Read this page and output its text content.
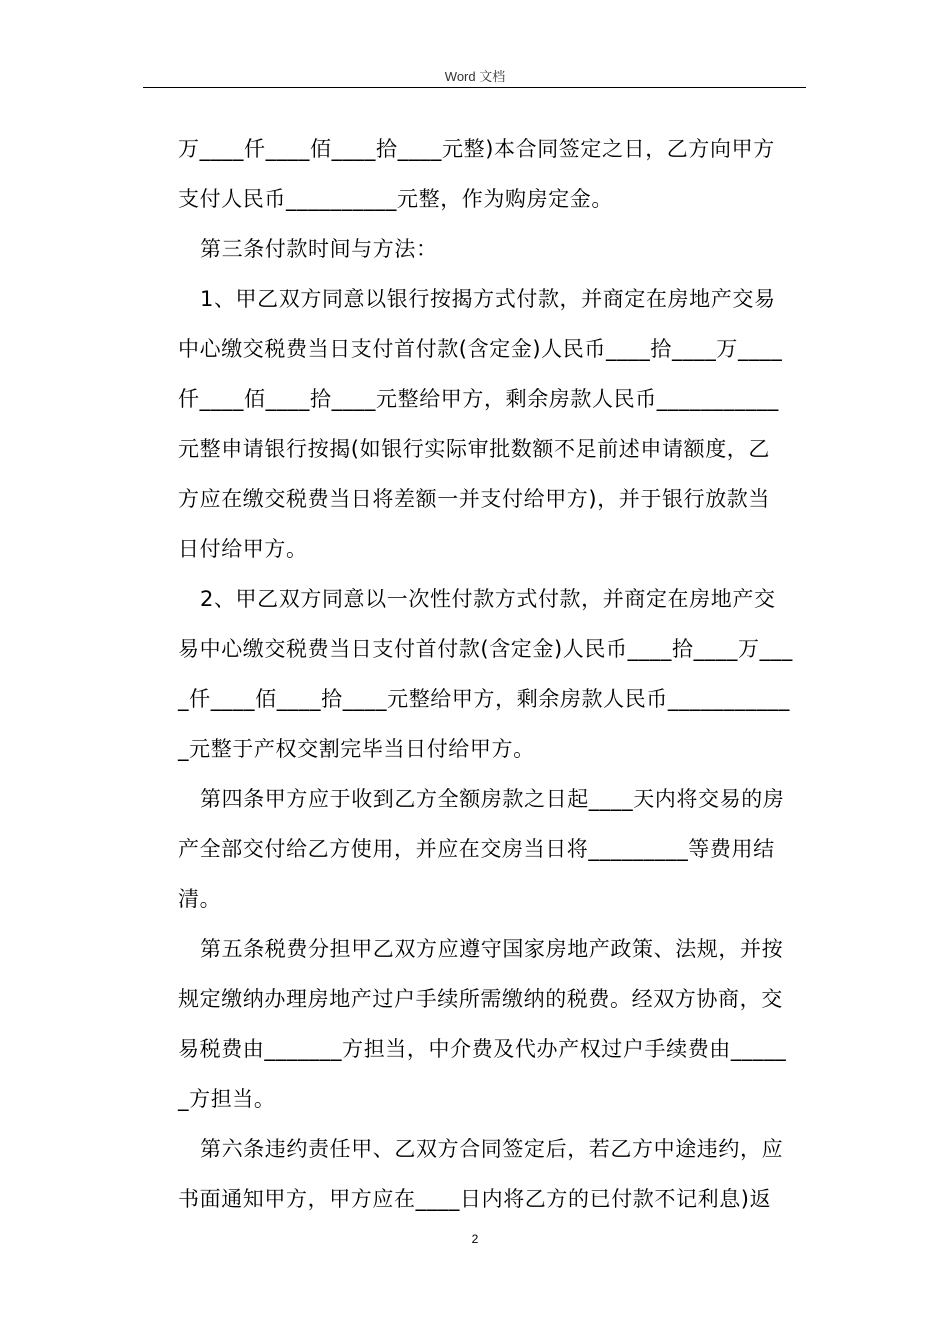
Word 文档
万____仟____佰____拾____元整)本合同签定之日，乙方向甲方
支付人民币__________元整，作为购房定金。
第三条付款时间与方法：
1、甲乙双方同意以银行按揭方式付款，并商定在房地产交易
中心缴交税费当日支付首付款(含定金)人民币____拾____万____
仟____佰____拾____元整给甲方，剩余房款人民币___________
元整申请银行按揭(如银行实际审批数额不足前述申请额度，乙
方应在缴交税费当日将差额一并支付给甲方)，并于银行放款当
日付给甲方。
2、甲乙双方同意以一次性付款方式付款，并商定在房地产交
易中心缴交税费当日支付首付款(含定金)人民币____拾____万___
_仟____佰____拾____元整给甲方，剩余房款人民币___________
_元整于产权交割完毕当日付给甲方。
第四条甲方应于收到乙方全额房款之日起____天内将交易的房
产全部交付给乙方使用，并应在交房当日将_________等费用结
清。
第五条税费分担甲乙双方应遵守国家房地产政策、法规，并按
规定缴纳办理房地产过户手续所需缴纳的税费。经双方协商，交
易税费由_______方担当，中介费及代办产权过户手续费由_____
_方担当。
第六条违约责任甲、乙双方合同签定后，若乙方中途违约，应
书面通知甲方，甲方应在____日内将乙方的已付款不记利息)返
2
